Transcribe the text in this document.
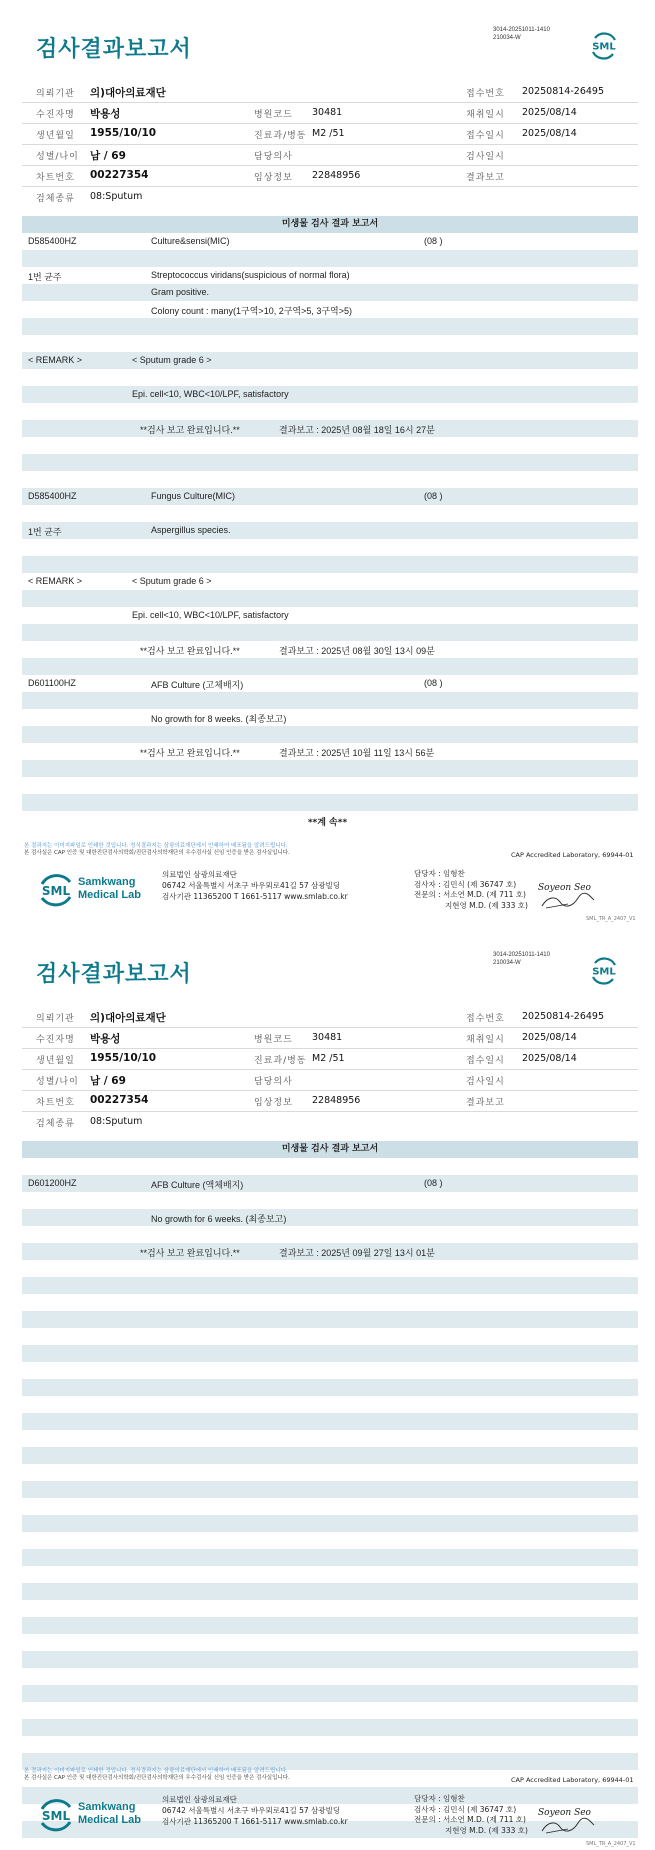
3014-20251011-1410
210034-W
SML
검사결과보고서
의뢰기관 의)대아의료재단	접수번호 20250814-26495
수진자명 박용성	병원코드 30481	채취일시 2025/08/14
생년월일 1955/10/10	진료과/병동 M2 /51	접수일시 2025/08/14
성별/나이 남 / 69	담당의사	검사일시
차트번호 00227354	임상정보 22848956	결과보고
검체종류 08:Sputum
미생물 검사 결과 보고서
D585400HZ	Culture&sensi(MIC)	(08 )
1번 균주	Streptococcus viridans(suspicious of normal flora)
Gram positive.
Colony count : many(1구역>10, 2구역>5, 3구역>5)
< REMARK >	< Sputum grade 6 >
Epi. cell<10, WBC<10/LPF, satisfactory
**검사 보고 완료입니다.**	결과보고 : 2025년 08월 18일 16시 27분
D585400HZ	Fungus Culture(MIC)	(08 )
1번 균주	Aspergillus species.
< REMARK >	< Sputum grade 6 >
Epi. cell<10, WBC<10/LPF, satisfactory
**검사 보고 완료입니다.**	결과보고 : 2025년 08월 30일 13시 09분
D601100HZ	AFB Culture (고체배지)	(08 )
No growth for 8 weeks. (최종보고)
**검사 보고 완료입니다.**	결과보고 : 2025년 10월 11일 13시 56분
**계 속**
본 결과지는 이미지파일로 인쇄한 것입니다. 정식결과지는 삼광의료재단에서 인쇄하여 배포됨을 알려드립니다.
본 검사실은 CAP 인증 및 대한진단검사의학회/진단검사의학재단의 우수검사실 신임 인증을 받은 검사실입니다.	CAP Accredited Laboratory, 69944-01
SML
Samkwang
Medical Lab
의료법인 삼광의료재단
06742 서울특별시 서초구 바우뫼로41길 57 삼광빌딩
검사기관 11365200 T 1661-5117 www.smlab.co.kr
담당자 : 임형찬
검사자 : 김민식 (제 36747 호)
전문의 : 서소연 M.D. (제 711 호)
지현영 M.D. (제 333 호)
Soyeon Seo
SML_TR_A_2407_V1
3014-20251011-1410
210034-W
SML
검사결과보고서
의뢰기관 의)대아의료재단	접수번호 20250814-26495
수진자명 박용성	병원코드 30481	채취일시 2025/08/14
생년월일 1955/10/10	진료과/병동 M2 /51	접수일시 2025/08/14
성별/나이 남 / 69	담당의사	검사일시
차트번호 00227354	임상정보 22848956	결과보고
검체종류 08:Sputum
미생물 검사 결과 보고서
D601200HZ	AFB Culture (액체배지)	(08 )
No growth for 6 weeks. (최종보고)
**검사 보고 완료입니다.**	결과보고 : 2025년 09월 27일 13시 01분
본 결과지는 이미지파일로 인쇄한 것입니다. 정식결과지는 삼광의료재단에서 인쇄하여 배포됨을 알려드립니다.
본 검사실은 CAP 인증 및 대한진단검사의학회/진단검사의학재단의 우수검사실 신임 인증을 받은 검사실입니다.	CAP Accredited Laboratory, 69944-01
SML
Samkwang
Medical Lab
의료법인 삼광의료재단
06742 서울특별시 서초구 바우뫼로41길 57 삼광빌딩
검사기관 11365200 T 1661-5117 www.smlab.co.kr
담당자 : 임형찬
검사자 : 김민식 (제 36747 호)
전문의 : 서소연 M.D. (제 711 호)
지현영 M.D. (제 333 호)
Soyeon Seo
SML_TR_A_2407_V1
